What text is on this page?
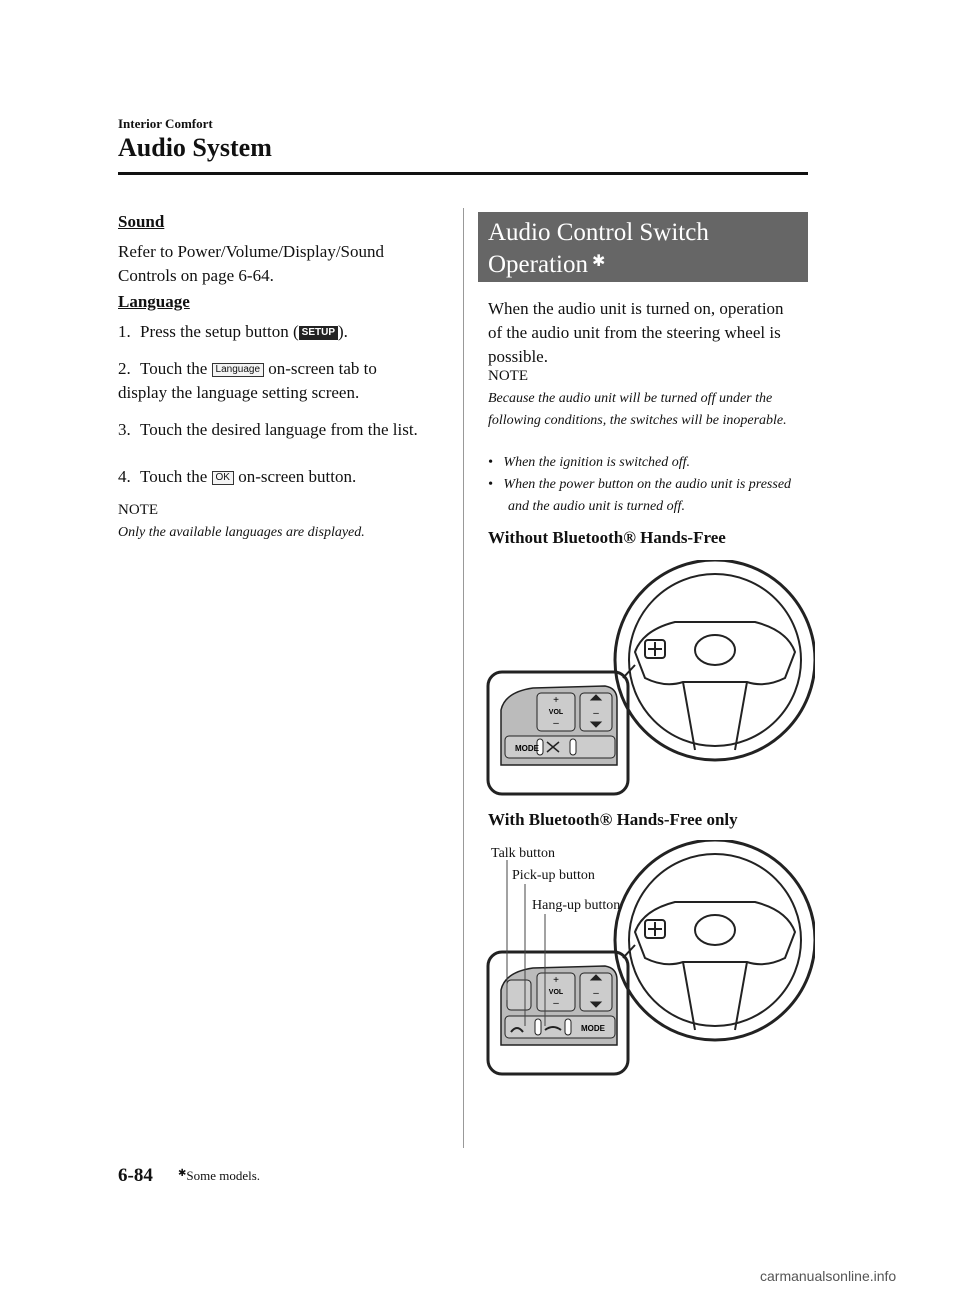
Interior Comfort
Audio System
Sound
Refer to Power/Volume/Display/Sound Controls on page 6-64.
Language
1. Press the setup button ( SETUP ).
2. Touch the Language on-screen tab to display the language setting screen.
3. Touch the desired language from the list.
4. Touch the OK on-screen button.
NOTE
Only the available languages are displayed.
Audio Control Switch
Operation ✱
When the audio unit is turned on, operation of the audio unit from the steering wheel is possible.
NOTE
Because the audio unit will be turned off under the following conditions, the switches will be inoperable.
•   When the ignition is switched off.
•   When the power button on the audio unit is pressed and the audio unit is turned off.
Without Bluetooth® Hands-Free
+
VOL
–
–
MODE
With Bluetooth® Hands-Free only
+
VOL
–
–
MODE
Talk button
Pick-up button
Hang-up button
6-84	✱Some models.
carmanualsonline.info
